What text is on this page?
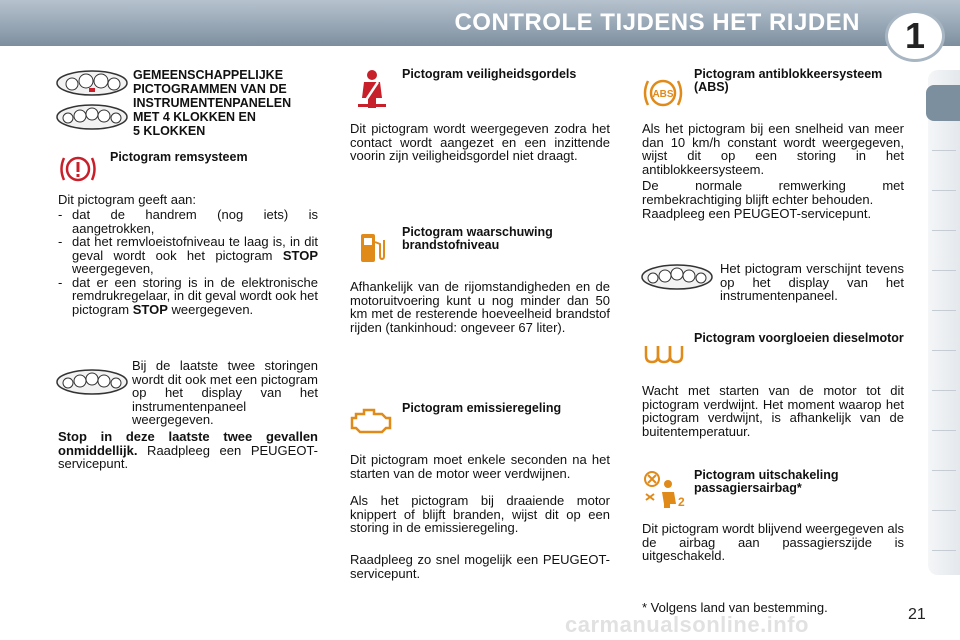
CONTROLE TIJDENS HET RIJDEN	1
GEMEENSCHAPPELIJKE
PICTOGRAMMEN VAN DE
INSTRUMENTENPANELEN
MET 4 KLOKKEN EN
5 KLOKKEN
Pictogram remsysteem
Dit pictogram geeft aan:
- dat de handrem (nog iets) is aangetrokken,
- dat het remvloeistofniveau te laag is, in dit geval wordt ook het pictogram STOP weergegeven,
- dat er een storing is in de elektronische remdrukregelaar, in dit geval wordt ook het pictogram STOP weergegeven.
Bij de laatste twee storingen wordt dit ook met een pictogram op het display van het instrumentenpaneel weergegeven.
Stop in deze laatste twee gevallen onmiddellijk. Raadpleeg een PEUGEOT-servicepunt.
Pictogram veiligheidsgordels
Dit pictogram wordt weergegeven zodra het contact wordt aangezet en een inzittende voorin zijn veiligheidsgordel niet draagt.
Pictogram waarschuwing brandstofniveau
Afhankelijk van de rijomstandigheden en de motoruitvoering kunt u nog minder dan 50 km met de resterende hoeveelheid brandstof rijden (tankinhoud: ongeveer 67 liter).
Pictogram emissieregeling
Dit pictogram moet enkele seconden na het starten van de motor weer verdwijnen.
Als het pictogram bij draaiende motor knippert of blijft branden, wijst dit op een storing in de emissieregeling.
Raadpleeg zo snel mogelijk een PEUGEOT-servicepunt.
ABS
Pictogram antiblokkeersysteem (ABS)
Als het pictogram bij een snelheid van meer dan 10 km/h constant wordt weergegeven, wijst dit op een storing in het antiblokkeersysteem.
De normale remwerking met rembekrachtiging blijft echter behouden.
Raadpleeg een PEUGEOT-servicepunt.
Het pictogram verschijnt tevens op het display van het instrumentenpaneel.
Pictogram voorgloeien dieselmotor
Wacht met starten van de motor tot dit pictogram verdwijnt. Het moment waarop het pictogram verdwijnt, is afhankelijk van de buitentemperatuur.
2
Pictogram uitschakeling passagiersairbag*
Dit pictogram wordt blijvend weergegeven als de airbag aan passagierszijde is uitgeschakeld.
* Volgens land van bestemming.
carmanualsonline.info	21
